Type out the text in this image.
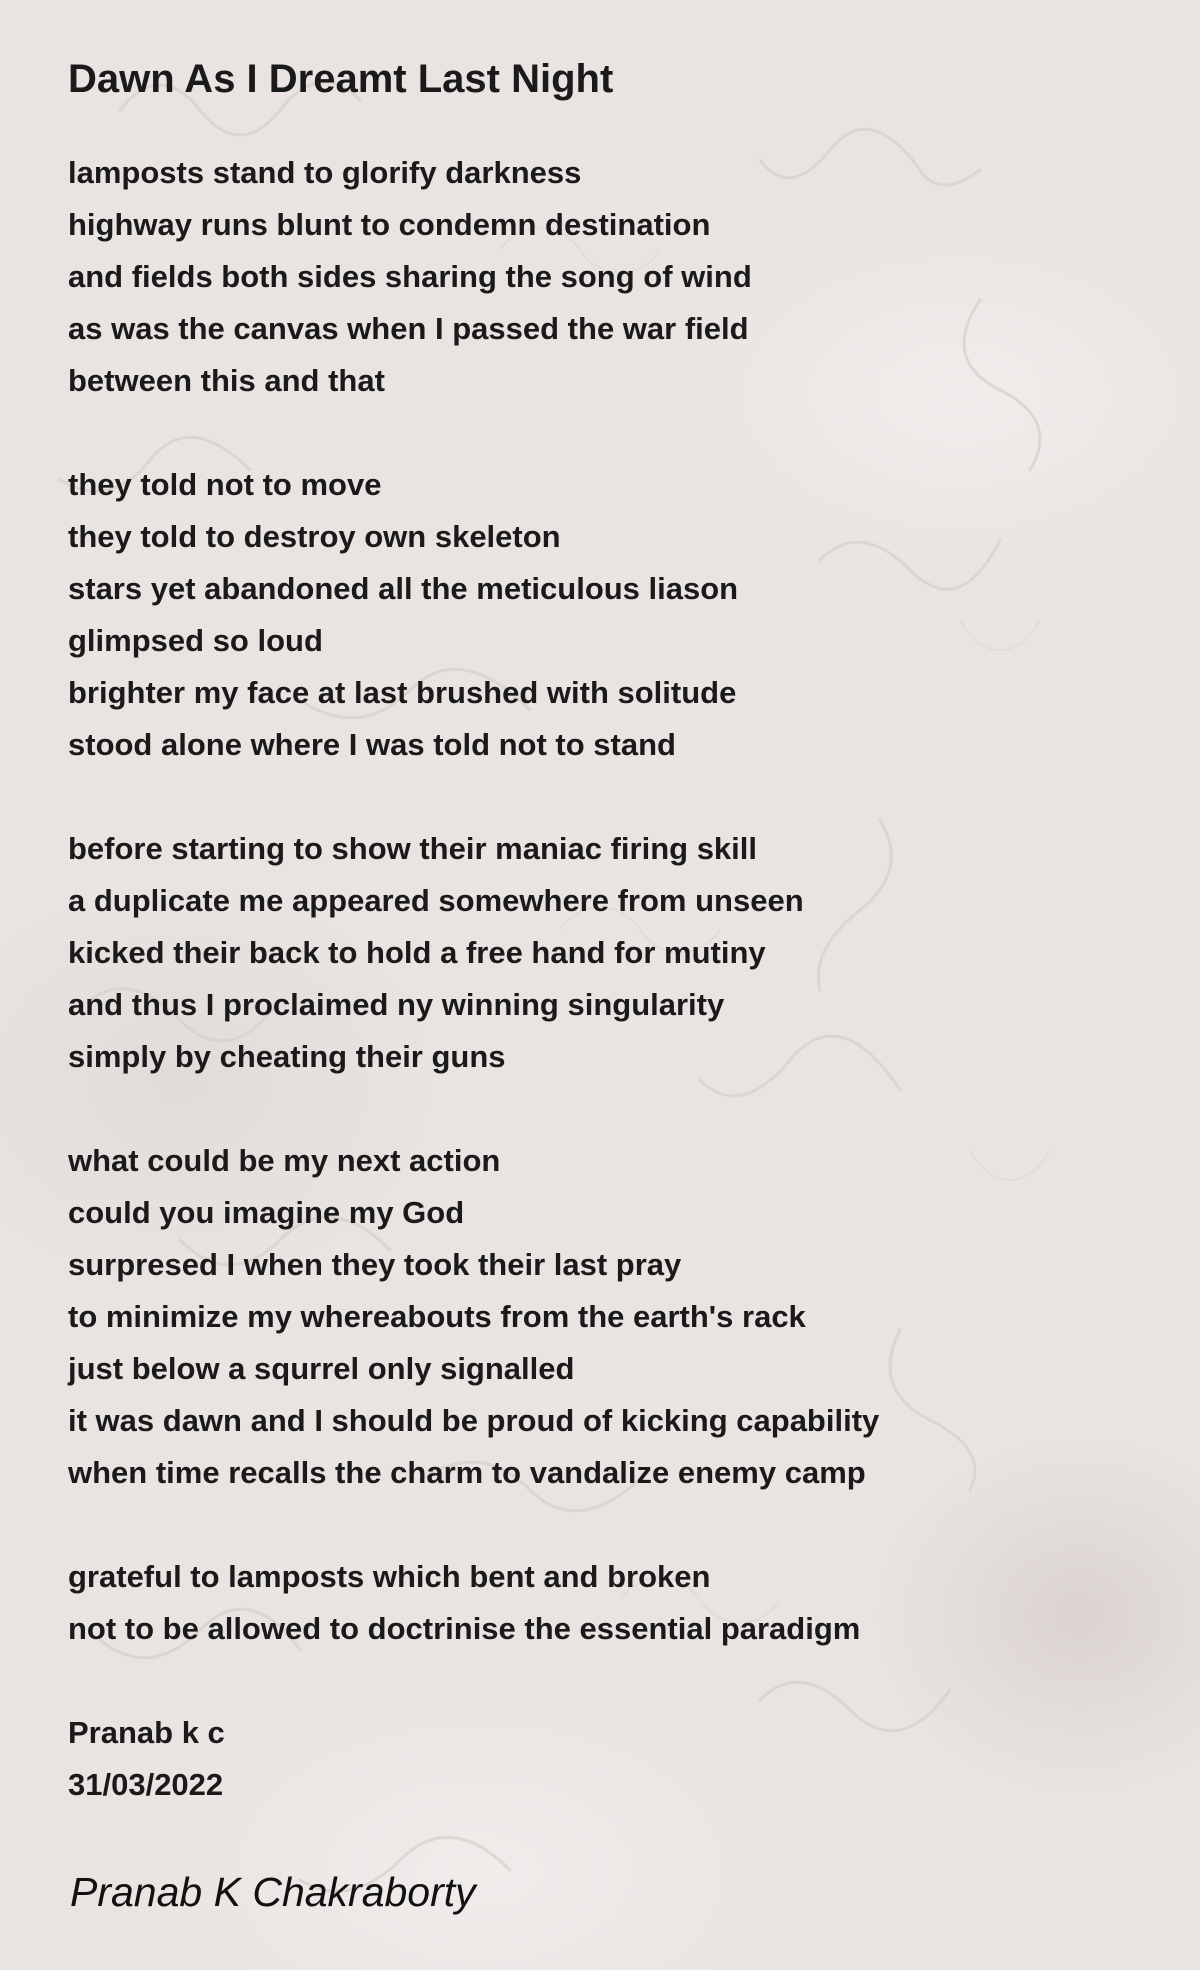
Dawn As I Dreamt Last Night

lamposts stand to glorify darkness
highway runs blunt to condemn destination
and fields both sides sharing the song of wind
as was the canvas when I passed the war field
between this and that

they told not to move
they told to destroy own skeleton
stars yet abandoned all the meticulous liason
glimpsed so loud
brighter my face at last brushed with solitude
stood alone where I was told not to stand

before starting to show their maniac firing skill
a duplicate me appeared somewhere from unseen
kicked their back to hold a free hand for mutiny
and thus I proclaimed ny winning singularity
simply by cheating their guns

what could be my next action
could you imagine my God
surpresed I when they took their last pray
to minimize my whereabouts from the earth's rack
just below a squrrel only signalled
it was dawn and I should be proud of kicking capability
when time recalls the charm to vandalize enemy camp

grateful to lamposts which bent and broken
not to be allowed to doctrinise the essential paradigm

Pranab k c
31/03/2022

Pranab K Chakraborty
